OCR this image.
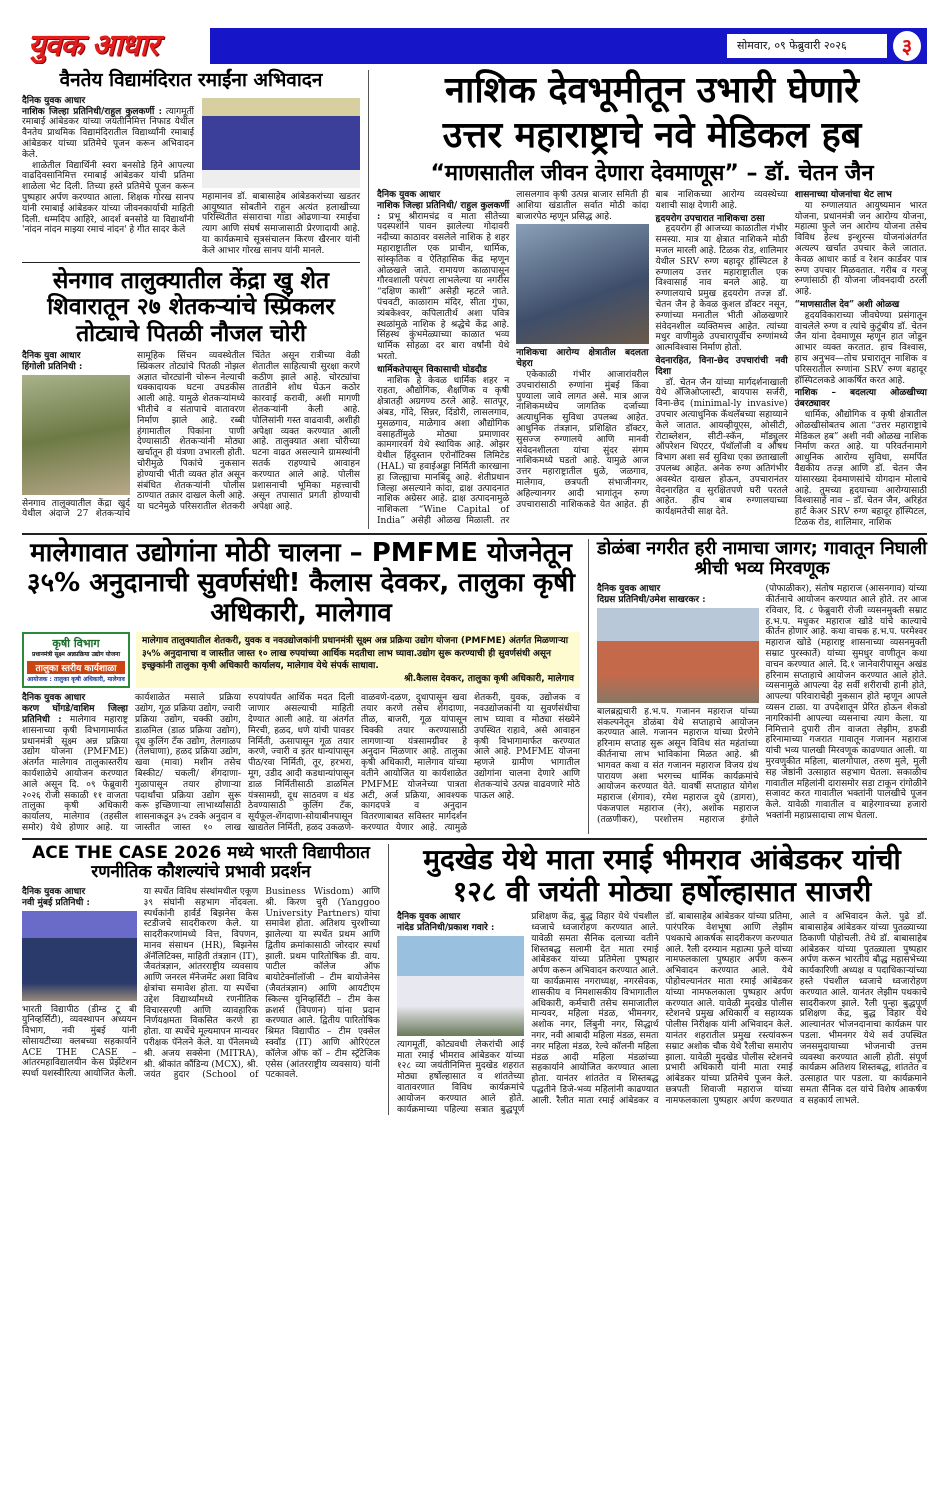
युवक आधार	सोमवार, ०९ फेब्रुवारी २०२६	३
वैनतेय विद्यामंदिरात रमाईंना अभिवादन
दैनिक युवक आधार
नाशिक जिल्हा प्रतिनिधी/राहुल कुलकर्णी : त्यागमूर्ती रमाबाई आंबेडकर यांच्या जयंतीनिमित्त निफाड येथील वैनतेय प्राथमिक विद्यामंदिरातील विद्यार्थ्यांनी रमाबाई आंबेडकर यांच्या प्रतिमेचे पूजन करून अभिवादन केले.

शाळेतील विद्यार्थिनी स्वरा बनसोडे हिने आपल्या वाढदिवसानिमित्त रमाबाई आंबेडकर यांची प्रतिमा शाळेला भेट दिली. तिच्या हस्ते प्रतिमेचे पूजन करून पुष्पहार अर्पण करण्यात आला. शिक्षक गोरख सानप यांनी रमाबाई आंबेडकर यांच्या जीवनकार्याची माहिती दिली. धम्मदिप आहिरे, आदर्श बनसोडे या विद्यार्थांनी 'नांदन नांदन माझ्या रमाचं नांदन' हे गीत सादर केले

महामानव डॉ. बाबासाहेब आंबेडकरांच्या खडतर आयुष्यात सोबतीने राहून अत्यंत हलाखीच्या परिस्थितीत संसाराचा गाडा ओढणाऱ्या रमाईचा त्याग आणि संघर्ष समाजासाठी प्रेरणादायी आहे. या कार्यक्रमाचे सूत्रसंचालन किरण खैरनार यांनी केले आभार गोरख सानप यांनी मानले.
सेनगाव तालुक्यातील केंद्रा खु शेत शिवारातून २७ शेतकऱ्यांचे स्प्रिंकलर तोट्याचे पितळी नौजल चोरी
दैनिक युवा आधार
हिंगोली प्रतिनिधी :
सेनगाव तालुक्यातील केंद्रा खुर्द येथील अंदाजे 27 शेतकऱ्यांचे सामूहिक सिंचन व्यवस्थेतील स्प्रिंकलर तोट्यांचे पितळी नोझल अज्ञात चोरट्यांनी चोरून नेल्याची धक्कादायक घटना उघडकीस आली आहे. यामुळे शेतकऱ्यांमध्ये भीतीचे व संतापाचे वातावरण निर्माण झाले आहे. रब्बी हंगामातील पिकांना पाणी देण्यासाठी शेतकऱ्यांनी मोठ्या खर्चातून ही यंत्रणा उभारली होती. चोरीमुळे पिकांचे नुकसान होण्याची भीती व्यक्त होत असून संबंधित शेतकऱ्यांनी पोलीस ठाण्यात तक्रार दाखल केली आहे. या घटनेमुळे परिसरातील शेतकरी चिंतेत असून रात्रीच्या वेळी शेतातील साहित्याची सुरक्षा करणे कठीण झाले आहे. चोरट्यांचा तातडीने शोध घेऊन कठोर कारवाई करावी, अशी मागणी शेतकऱ्यांनी केली आहे. पोलिसांनी गस्त वाढवावी, अशीही अपेक्षा व्यक्त करण्यात आली आहे. तालुक्यात अशा चोरीच्या घटना वाढत असल्याने ग्रामस्थांनी सतर्क राहण्याचे आवाहन करण्यात आले आहे. पोलीस प्रशासनाची भूमिका महत्त्वाची असून तपासात प्रगती होण्याची अपेक्षा आहे.
नाशिक देवभूमीतून उभारी घेणारे
उत्तर महाराष्ट्राचे नवे मेडिकल हब
“माणसातील जीवन देणारा देवमाणूस” – डॉ. चेतन जैन
दैनिक युवक आधार
नाशिक जिल्हा प्रतिनिधी/ राहुल कुलकर्णी : प्रभू श्रीरामचंद्र व माता सीतेच्या पदस्पर्शाने पावन झालेल्या गोदावरी नदीच्या काठावर वसलेले नाशिक हे शहर महाराष्ट्रातील एक प्राचीन, धार्मिक, सांस्कृतिक व ऐतिहासिक केंद्र म्हणून ओळखले जाते. रामायण काळापासून गौरवशाली परंपरा लाभलेल्या या नगरीस “दक्षिण काशी” असेही म्हटले जाते. पंचवटी, काळाराम मंदिर, सीता गुंफा, त्र्यंबकेश्वर, कपिलातीर्थ अशा पवित्र स्थळांमुळे नाशिक हे श्रद्धेचे केंद्र आहे. सिंहस्थ कुंभमेळ्याच्या काळात भव्य धार्मिक सोहळा दर बारा वर्षांनी येथे भरतो.
धार्मिकतेपासून विकासाची घोडदौड

नाशिक हे केवळ धार्मिक शहर न राहता, औद्योगिक, शैक्षणिक व कृषी क्षेत्रातही अग्रगण्य ठरले आहे. सातपूर, अंबड, गोंदे, सिन्नर, दिंडोरी, लासलगाव, मुसळगाव, माळेगाव अशा औद्योगिक वसाहतींमुळे मोठ्या प्रमाणावर कामगारवर्ग येथे स्थायिक आहे. ओझर येथील हिंदुस्तान एरोनॉटिक्स लिमिटेड (HAL) चा हवाईअड्डा निर्मिती कारखाना हा जिल्ह्याचा मानबिंदू आहे. शेतीप्रधान जिल्हा असल्याने कांदा, द्राक्ष उत्पादनात नाशिक अग्रेसर आहे. द्राक्ष उत्पादनामुळे नाशिकला “Wine Capital of India” असेही ओळख मिळाली. तर लासलगाव कृषी उत्पन्न बाजार समिती ही आशिया खंडातील सर्वात मोठी कांदा बाजारपेठ म्हणून प्रसिद्ध आहे.

नाशिकचा आरोग्य क्षेत्रातील बदलता चेहरा

एकेकाळी गंभीर आजारांवरील उपचारांसाठी रुग्णांना मुंबई किंवा पुण्याला जावे लागत असे. मात्र आज नाशिकमध्येच जागतिक दर्जाच्या अत्याधुनिक सुविधा उपलब्ध आहेत. आधुनिक तंत्रज्ञान, प्रशिक्षित डॉक्टर, सुसज्ज रुग्णालये आणि मानवी संवेदनशीलता यांचा सुंदर संगम नाशिकमध्ये घडतो आहे. यामुळे आज उत्तर महाराष्ट्रातील धुळे, जळगाव, मालेगाव, छत्रपती संभाजीनगर, अहिल्यानगर आदी भागांतून रुग्ण उपचारासाठी नाशिककडे येत आहेत. ही बाब नाशिकच्या आरोग्य व्यवस्थेच्या यशाची साक्ष देणारी आहे.

हृदयरोग उपचारात नाशिकचा ठसा

हृदयरोग ही आजच्या काळातील गंभीर समस्या. मात्र या क्षेत्रात नाशिकने मोठी मजल मारली आहे. टिळक रोड, शालिमार येथील SRV रुग्ण बहादूर हॉस्पिटल हे रुग्णालय उत्तर महाराष्ट्रातील एक विश्वासार्ह नाव बनले आहे. या रुग्णालयाचे प्रमुख हृदयरोग तज्ज्ञ डॉ. चेतन जैन हे केवळ कुशल डॉक्टर नसून, रुग्णांच्या मनातील भीती ओळखणारे संवेदनशील व्यक्तिमत्त्व आहेत. त्यांच्या मधुर वाणीमुळे उपचारापूर्वीच रुग्णांमध्ये आत्मविश्वास निर्माण होतो.

वेदनारहित, विना-छेद उपचारांची नवी दिशा

डॉ. चेतन जैन यांच्या मार्गदर्शनाखाली येथे अँजिओप्लास्टी, बायपास सर्जरी, विना-छेद (minimal-ly invasive) उपचार अत्याधुनिक कॅथलॅबच्या सहाय्याने केले जातात. आयव्हीयूएस, ओसीटी, रोटाब्लेशन, सीटी-स्कॅन, मॉड्युलर ऑपरेशन थिएटर, पॅथॉलॉजी व औषध विभाग अशा सर्व सुविधा एका छताखाली उपलब्ध आहेत. अनेक रुग्ण अतिगंभीर अवस्थेत दाखल होऊन, उपचारानंतर वेदनारहित व सुरक्षितपणे घरी परतले आहेत. हीच बाब रुग्णालयाच्या कार्यक्षमतेची साक्ष देते.

शासनाच्या योजनांचा थेट लाभ

या रुग्णालयात आयुष्यमान भारत योजना, प्रधानमंत्री जन आरोग्य योजना, महात्मा फुले जन आरोग्य योजना तसेच विविध हेल्थ इन्शुरन्स योजनांअंतर्गत अत्यल्प खर्चात उपचार केले जातात. केवळ आधार कार्ड व रेशन कार्डवर पात्र रुग्ण उपचार मिळवतात. गरीब व गरजू रुग्णांसाठी ही योजना जीवनदायी ठरली आहे.

“माणसातील देव” अशी ओळख

हृदयविकाराच्या जीवघेण्या प्रसंगातून वाचलेले रुग्ण व त्यांचे कुटुंबीय डॉ. चेतन जैन यांना देवमाणूस म्हणून हात जोडून आभार व्यक्त करतात. हाच विश्वास, हाच अनुभव—तोच प्रचारातून नाशिक व परिसरातील रुग्णांना SRV रुग्ण बहादूर हॉस्पिटलकडे आकर्षित करत आहे.

नाशिक – बदलत्या ओळखीच्या उंबरठ्यावर

धार्मिक, औद्योगिक व कृषी क्षेत्रातील ओळखीसोबतच आता “उत्तर महाराष्ट्राचे मेडिकल हब” अशी नवी ओळख नाशिक निर्माण करत आहे. या परिवर्तनामागे आधुनिक आरोग्य सुविधा, समर्पित वैद्यकीय तज्ज्ञ आणि डॉ. चेतन जैन यांसारख्या देवमाणसांचे योगदान मोलाचे आहे. तुमच्या हृदयाच्या आरोग्यासाठी विश्वासार्ह नाव – डॉ. चेतन जैन, अरिहंत हार्ट केअर SRV रुग्ण बहादूर हॉस्पिटल, टिळक रोड, शालिमार, नाशिक

मालेगावात उद्योगांना मोठी चालना – PMFME योजनेतून ३५% अनुदानाची सुवर्णसंधी! कैलास देवकर, तालुका कृषी अधिकारी, मालेगाव
कृषी विभाग
प्रधानमंत्री सूक्ष्म अन्नप्रक्रिया उद्योग योजना
तालुका स्तरीय कार्यशाळा
आयोजक : तालुका कृषी अधिकारी, मालेगाव
मालेगाव तालुक्यातील शेतकरी, युवक व नवउद्योजकांनी प्रधानमंत्री सूक्ष्म अन्न प्रक्रिया उद्योग योजना (PMFME) अंतर्गत मिळणाऱ्या ३५% अनुदानाचा व जास्तीत जास्त १० लाख रुपयांच्या आर्थिक मदतीचा लाभ घ्यावा.उद्योग सुरू करण्याची ही सुवर्णसंधी असून इच्छुकांनी तालुका कृषी अधिकारी कार्यालय, मालेगाव येथे संपर्क साधावा.
श्री.कैलास देवकर, तालुका कृषी अधिकारी, मालेगाव
दैनिक युवक आधार
करण घोंगडे/वाशिम जिल्हा प्रतिनिधी : मालेगाव महाराष्ट्र शासनाच्या कृषी विभागामार्फत प्रधानमंत्री सूक्ष्म अन्न प्रक्रिया उद्योग योजना (PMFME) अंतर्गत मालेगाव तालुकास्तरीय कार्यशाळेचे आयोजन करण्यात आले असून दि. ०९ फेब्रुवारी २०२६ रोजी सकाळी ११ वाजता तालुका कृषी अधिकारी कार्यालय, मालेगाव (तहसील समोर) येथे होणार आहे. या कार्यशाळेत मसाले प्रक्रिया उद्योग, गूळ प्रक्रिया उद्योग, ज्वारी प्रक्रिया उद्योग, चक्की उद्योग, डाळमिल (डाळ प्रक्रिया उद्योग), दूध कुलिंग टँक उद्योग, तेलगाळप (तेलघाणा), हळद प्रक्रिया उद्योग, खवा (मावा) मशीन तसेच बिस्कीट/ चकली/ शेंगदाणा-गुळापासून तयार होणाऱ्या पदार्थांचा प्रक्रिया उद्योग सुरू करू इच्छिणाऱ्या लाभार्थ्यांसाठी शासनाकडून ३५ टक्के अनुदान व जास्तीत जास्त १० लाख रुपयांपर्यंत आर्थिक मदत दिली जाणार असल्याची माहिती देण्यात आली आहे. या अंतर्गत मिरची, हळद, धणे यांची पावडर निर्मिती, ऊसापासून गूळ तयार करणे, ज्वारी व इतर धान्यांपासून पीठ/रवा निर्मिती, तूर, हरभरा, मूग, उडीद आदी कडधान्यांपासून डाळ निर्मितीसाठी डाळमिल यंत्रसामग्री, दूध साठवण व थंड ठेवण्यासाठी कुलिंग टँक, सूर्यफूल-शेंगदाणा-सोयाबीनपासून खाद्यतेल निर्मिती, हळद उकळणे-वाळवणे-दळण, दुधापासून खवा तयार करणे तसेच शेंगदाणा, तीळ, बाजरी, गूळ यांपासून चिक्की तयार करण्यासाठी लागणाऱ्या यंत्रसामग्रीवर हे अनुदान मिळणार आहे. तालुका कृषी अधिकारी, मालेगाव यांच्या वतीने आयोजित या कार्यशाळेत PMFME योजनेच्या पात्रता अटी, अर्ज प्रक्रिया, आवश्यक कागदपत्रे व अनुदान वितरणाबाबत सविस्तर मार्गदर्शन करण्यात येणार आहे. त्यामुळे शेतकरी, युवक, उद्योजक व नवउद्योजकांनी या सुवर्णसंधीचा लाभ घ्यावा व मोठ्या संख्येने उपस्थित राहावे, असे आवाहन कृषी विभागामार्फत करण्यात आले आहे. PMFME योजना म्हणजे ग्रामीण भागातील उद्योगांना चालना देणारे आणि शेतकऱ्यांचे उत्पन्न वाढवणारे मोठे पाऊल आहे.
डोळंबा नगरीत हरी नामाचा जागर; गावातून निघाली श्रीची भव्य मिरवणूक
दैनिक युवक आधार
दिग्रस प्रतिनिधी/उमेश साखरकर :
बालब्रह्मचारी ह.भ.प. गजानन महाराज यांच्या संकल्पनेतून डोळंबा येथे सप्ताहाचे आयोजन करण्यात आले. गजानन महाराज यांच्या प्रेरणेने हरिनाम सप्ताह सुरू असून विविध संत महंतांच्या कीर्तनाचा लाभ भाविकांना मिळत आहे. श्री भागवत कथा व संत गजानन महाराज विजय ग्रंथ पारायण अशा भरगच्च धार्मिक कार्यक्रमांचे आयोजन करण्यात येते. यावर्षी सप्ताहात योगेश महाराज (शेगाव), रमेश महाराज दुधे (डागरा), पंकजपाल महाराज (नेर), अशोक महाराज (तळणीकर), परशोत्तम महाराज इंगोले (पोफाळीकर), संतोष महाराज (आसनगाव) यांच्या कीर्तनाचे आयोजन करण्यात आले होते. तर आज रविवार, दि. ८ फेब्रुवारी रोजी व्यसनमुक्ती सम्राट ह.भ.प. मधुकर महाराज खोडे यांचे काल्याचे कीर्तन होणार आहे. कथा वाचक ह.भ.प. परमेश्वर महाराज खोडे (महाराष्ट्र शासनाच्या व्यसनमुक्ती सम्राट पुरस्कार्ते) यांच्या सुमधुर वाणीतून कथा वाचन करण्यात आले. दि.१ जानेवारीपासून अखंड हरिनाम सप्ताहाचे आयोजन करण्यात आले होते. व्यसनामुळे आपल्या देह सर्वी शरीराची हानी होते, आपल्या परिवाराचेही नुकसान होते म्हणून आपले व्यसन टाळा. या उपदेशातून प्रेरित होऊन शेकडो नागरिकांनी आपल्या व्यसनाचा त्याग केला. या निमित्ताने दुपारी तीन वाजता लेझीम, डफडी हरिनामाच्या गजरात गावातून गजानन महाराज यांची भव्य पालखी मिरवणूक काढण्यात आली. या मुरवणुकीत महिला, बालगोपाल, तरुण मुले, मुली सह जेष्ठांनी उत्साहात सहभाग घेतला. सकाळीच गावातील महिलांनी दारासमोर सडा टाकून रांगोळीने सजावट करत गावातील भक्तांनी पालखीचे पूजन केले. यावेळी गावातील व बाहेरगावच्या हजारो भक्तांनी महाप्रसादाचा लाभ घेतला.
ACE THE CASE 2026 मध्ये भारती विद्यापीठात रणनीतिक कौशल्यांचे प्रभावी प्रदर्शन
दैनिक युवक आधार
नवी मुंबई प्रतिनिधी :
भारती विद्यापीठ (डीम्ड टू बी युनिव्हर्सिटी), व्यवस्थापन अध्ययन विभाग, नवी मुंबई यांनी सोसायटीच्या क्लबच्या सहकार्याने ACE THE CASE – आंतरमहाविद्यालयीन केस प्रेझेंटेशन स्पर्धा यशस्वीरित्या आयोजित केली. या स्पर्धेत विविध संस्थांमधील एकूण ३९ संघांनी सहभाग नोंदवला. स्पर्धकांनी हार्वर्ड बिझनेस केस स्टडीजचे सादरीकरण केले. या सादरीकरणांमध्ये वित्त, विपणन, मानव संसाधन (HR), बिझनेस ॲनॅलिटिक्स, माहिती तंत्रज्ञान (IT), जैवतंत्रज्ञान, आंतरराष्ट्रीय व्यवसाय आणि जनरल मॅनेजमेंट अशा विविध क्षेत्रांचा समावेश होता. या स्पर्धेचा उद्देश विद्यार्थ्यांमध्ये रणनीतिक विचारसरणी आणि व्यावहारिक निर्णयक्षमता विकसित करणे हा होता. या स्पर्धेचे मूल्यमापन मान्यवर परीक्षक पॅनेलने केले. या पॅनेलमध्ये श्री. अजय सक्सेना (MITRA), श्री. श्रीकांत कौंडिन्य (MCX), श्री. जयंत हुदार (School of Business Wisdom) आणि श्री. किरण चुरी (Yanggoo University Partners) यांचा समावेश होता. अतिशय चुरशीच्या झालेल्या या स्पर्धेत प्रथम आणि द्वितीय क्रमांकासाठी जोरदार स्पर्धा झाली. प्रथम पारितोषिक डी. वाय. पाटील कॉलेज ऑफ बायोटेक्नॉलॉजी – टीम बायोजेनेस (जैवतंत्रज्ञान) आणि आयटीएम स्किल्स युनिव्हर्सिटी – टीम केस क्रशर्स (विपणन) यांना प्रदान करण्यात आले. द्वितीय पारितोषिक श्रिमत विद्यापीठ – टीम एक्सेल स्क्वॉड (IT) आणि ओरिएंटल कॉलेज ऑफ कॉ – टीम स्ट्रॅटेजिक एसेस (आंतरराष्ट्रीय व्यवसाय) यांनी पटकावले.
मुदखेड येथे माता रमाई भीमराव आंबेडकर यांची १२८ वी जयंती मोठ्या हर्षोल्हासात साजरी
दैनिक युवक आधार
नांदेड प्रतिनिधी/प्रकाश गवारे :
त्यागमूर्ती, कोट्यवधी लेकरांची आई माता रमाई भीमराव आंबेडकर यांच्या १२८ व्या जयंतीनिमित्त मुदखेड शहरात मोठ्या हर्षोल्हासात व शांततेच्या वातावरणात विविध कार्यक्रमांचे आयोजन करण्यात आले होते. कार्यक्रमाच्या पहिल्या सत्रात बुद्धपूर्ण प्रशिक्षण केंद्र, बुद्ध विहार येथे पंचशील ध्वजाचे ध्वजारोहण करण्यात आले. यावेळी समता सैनिक दलाच्या वतीने शिस्तबद्ध सलामी देत माता रमाई आंबेडकर यांच्या प्रतिमेला पुष्पहार अर्पण करून अभिवादन करण्यात आले. या कार्यक्रमास नगराध्यक्ष, नगरसेवक, शासकीय व निमशासकीय विभागातील अधिकारी, कर्मचारी तसेच समाजातील मान्यवर, महिला मंडळ, भीमनगर, अशोक नगर, लिंबुनी नगर, सिद्धार्थ नगर, नवी आबादी महिला मंडळ, समता नगर महिला मंडळ, रेल्वे कॉलनी महिला मंडळ आदी महिला मंडळांच्या सहकार्याने आयोजित करण्यात आला होता. यानंतर शांततेत व शिस्तबद्ध पद्धतीने डिजे-भव्य महिलांनी काढण्यात आली. रैलीत माता रमाई आंबेडकर व डॉ. बाबासाहेब आंबेडकर यांच्या प्रतिमा, पारंपरिक वेशभूषा आणि लेझीम पथकाचे आकर्षक सादरीकरण करण्यात आले. रैली दरम्यान महात्मा फुले यांच्या नामफलकाला पुष्पहार अर्पण करून अभिवादन करण्यात आले. येथे पोहोचल्यानंतर माता रमाई आंबेडकर यांच्या नामफलकाला पुष्पहार अर्पण करण्यात आले. यावेळी मुदखेड पोलीस स्टेशनचे प्रमुख अधिकारी व सहाय्यक पोलीस निरीक्षक यांनी अभिवादन केले. यानंतर शहरातील प्रमुख रस्त्यांवरून सम्राट अशोक चौक येथे रैलीचा समारोप झाला. यावेळी मुदखेड पोलीस स्टेशनचे प्रभारी अधिकारी यांनी माता रमाई आंबेडकर यांच्या प्रतिमेचे पूजन केले. छत्रपती शिवाजी महाराज यांच्या नामफलकाला पुष्पहार अर्पण करण्यात आले व अभिवादन केले. पुढे डॉ. बाबासाहेब आंबेडकर यांच्या पुतळ्याच्या ठिकाणी पोहोचली. तेथे डॉ. बाबासाहेब आंबेडकर यांच्या पुतळ्याला पुष्पहार अर्पण करून भारतीय बौद्ध महासभेच्या कार्यकारिणी अध्यक्ष व पदाधिकाऱ्यांच्या हस्ते पंचशील ध्वजाचे ध्वजारोहण करण्यात आले. यानंतर लेझीम पथकाचे सादरीकरण झाले. रैली पुन्हा बुद्धपूर्ण प्रशिक्षण केंद्र, बुद्ध विहार येथे आल्यानंतर भोजनदानाचा कार्यक्रम पार पडला. भीमनगर येथे सर्व उपस्थित जनसमुदायाच्या भोजनाची उत्तम व्यवस्था करण्यात आली होती. संपूर्ण कार्यक्रम अतिशय शिस्तबद्ध, शांततेत व उत्साहात पार पडला. या कार्यक्रमाने समता सैनिक दल यांचे विशेष आकर्षण व सहकार्य लाभले.
